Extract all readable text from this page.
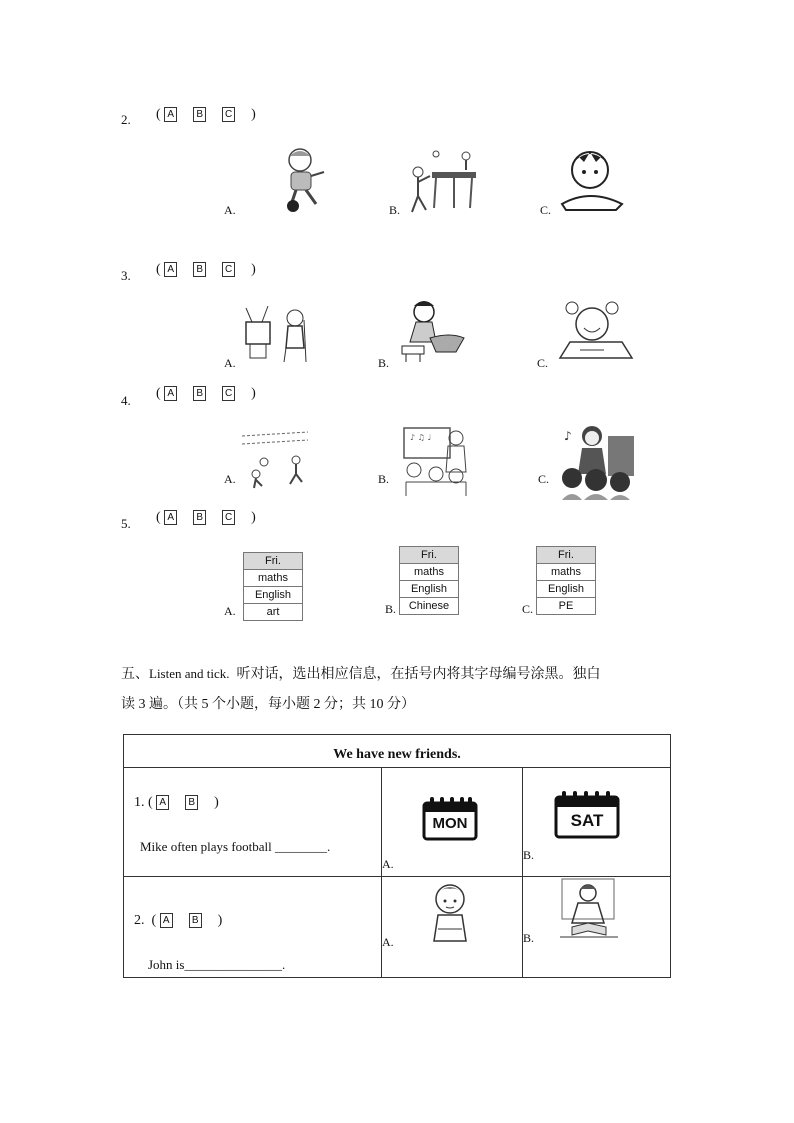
2. ( A B C )
A.	B.	C.
3. ( A B C )
A.	B.	C.
4. ( A B C )
A.	B.
♪ ♫ ♩
C.
♪
5. ( A B C )
A.
Fri.
maths
English
art	B.
Fri.
maths
English
Chinese	C.
Fri.
maths
English
PE
五、Listen and tick. 听对话，选出相应信息，在括号内将其字母编号涂黑。独白
读 3 遍。（共 5 个小题，每小题 2 分；共 10 分）
We have new friends.
1. ( A B )
Mike often plays football ________.
A.
MON
B.
SAT
2.  ( A B )
John is_______________.
A.	B.
